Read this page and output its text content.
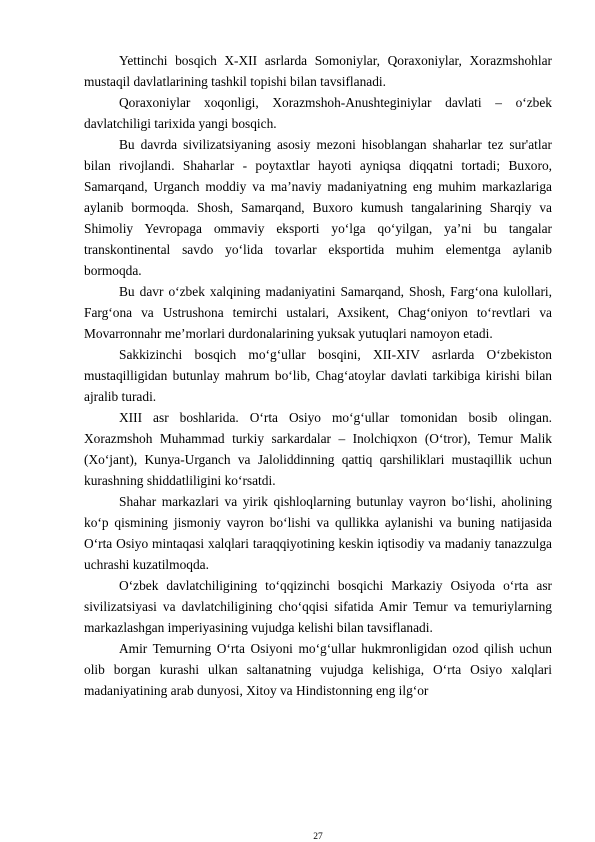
Yettinchi bosqich X-XII asrlarda Somoniylar, Qoraxoniylar, Xorazmshohlar mustaqil davlatlarining tashkil topishi bilan tavsiflanadi.

Qoraxoniylar xoqonligi, Xorazmshoh-Anushteginiylar davlati – o‘zbek davlatchiligi tarixida yangi bosqich.

Bu davrda sivilizatsiyaning asosiy mezoni hisoblangan shaharlar tez sur'atlar bilan rivojlandi. Shaharlar - poytaxtlar hayoti ayniqsa diqqatni tortadi; Buxoro, Samarqand, Urganch moddiy va ma’naviy madaniyatning eng muhim markazlariga aylanib bormoqda. Shosh, Samarqand, Buxoro kumush tangalarining Sharqiy va Shimoliy Yevropaga ommaviy eksporti yo‘lga qo‘yilgan, ya’ni bu tangalar transkontinental savdo yo‘lida tovarlar eksportida muhim elementga aylanib bormoqda.

Bu davr o‘zbek xalqining madaniyatini Samarqand, Shosh, Farg‘ona kulollari, Farg‘ona va Ustrushona temirchi ustalari, Axsikent, Chag‘oniyon to‘revtlari va Movarronnahr me’morlari durdonalarining yuksak yutuqlari namoyon etadi.

Sakkizinchi bosqich mo‘g‘ullar bosqini, XII-XIV asrlarda O‘zbekiston mustaqilligidan butunlay mahrum bo‘lib, Chag‘atoylar davlati tarkibiga kirishi bilan ajralib turadi.

XIII asr boshlarida. O‘rta Osiyo mo‘g‘ullar tomonidan bosib olingan. Xorazmshoh Muhammad turkiy sarkardalar – Inolchiqxon (O‘tror), Temur Malik (Xo‘jant), Kunya-Urganch va Jaloliddinning qattiq qarshiliklari mustaqillik uchun kurashning shiddatliligini ko‘rsatdi.

Shahar markazlari va yirik qishloqlarning butunlay vayron bo‘lishi, aholining ko‘p qismining jismoniy vayron bo‘lishi va qullikka aylanishi va buning natijasida O‘rta Osiyo mintaqasi xalqlari taraqqiyotining keskin iqtisodiy va madaniy tanazzulga uchrashi kuzatilmoqda.

O‘zbek davlatchiligining to‘qqizinchi bosqichi Markaziy Osiyoda o‘rta asr sivilizatsiyasi va davlatchiligining cho‘qqisi sifatida Amir Temur va temuriylarning markazlashgan imperiyasining vujudga kelishi bilan tavsiflanadi.

Amir Temurning O‘rta Osiyoni mo‘g‘ullar hukmronligidan ozod qilish uchun olib borgan kurashi ulkan saltanatning vujudga kelishiga, O‘rta Osiyo xalqlari madaniyatining arab dunyosi, Xitoy va Hindistonning eng ilg‘or

27
